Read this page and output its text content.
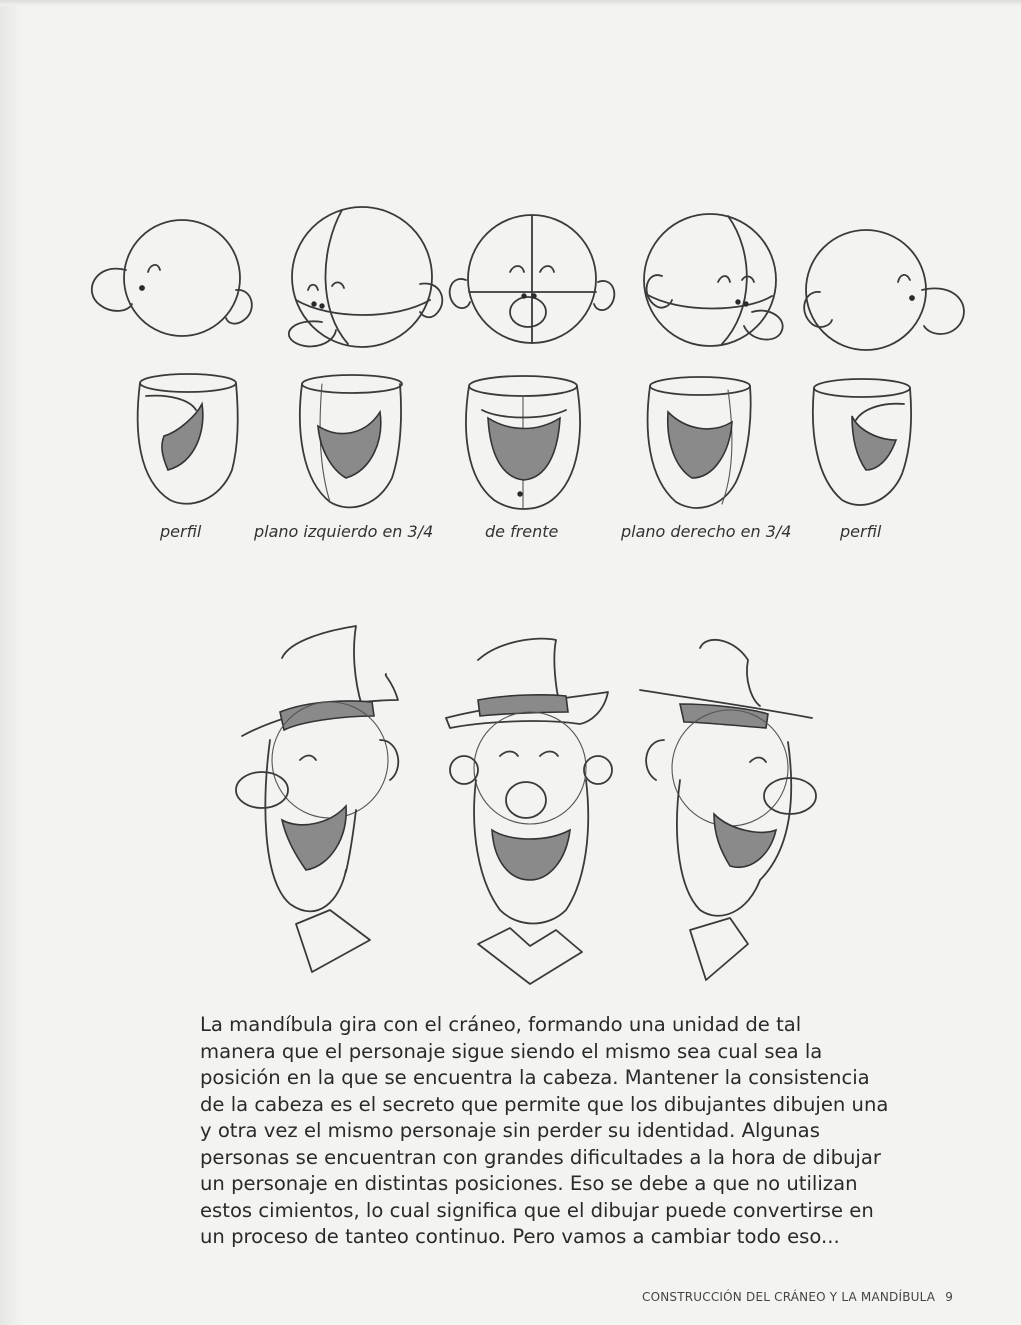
perfil	plano izquierdo en 3/4	de frente	plano derecho en 3/4	perfil

La mandíbula gira con el cráneo, formando una unidad de tal
manera que el personaje sigue siendo el mismo sea cual sea la
posición en la que se encuentra la cabeza. Mantener la consistencia
de la cabeza es el secreto que permite que los dibujantes dibujen una
y otra vez el mismo personaje sin perder su identidad. Algunas
personas se encuentran con grandes dificultades a la hora de dibujar
un personaje en distintas posiciones. Eso se debe a que no utilizan
estos cimientos, lo cual significa que el dibujar puede convertirse en
un proceso de tanteo continuo. Pero vamos a cambiar todo eso...

CONSTRUCCIÓN DEL CRÁNEO Y LA MANDÍBULA 9
